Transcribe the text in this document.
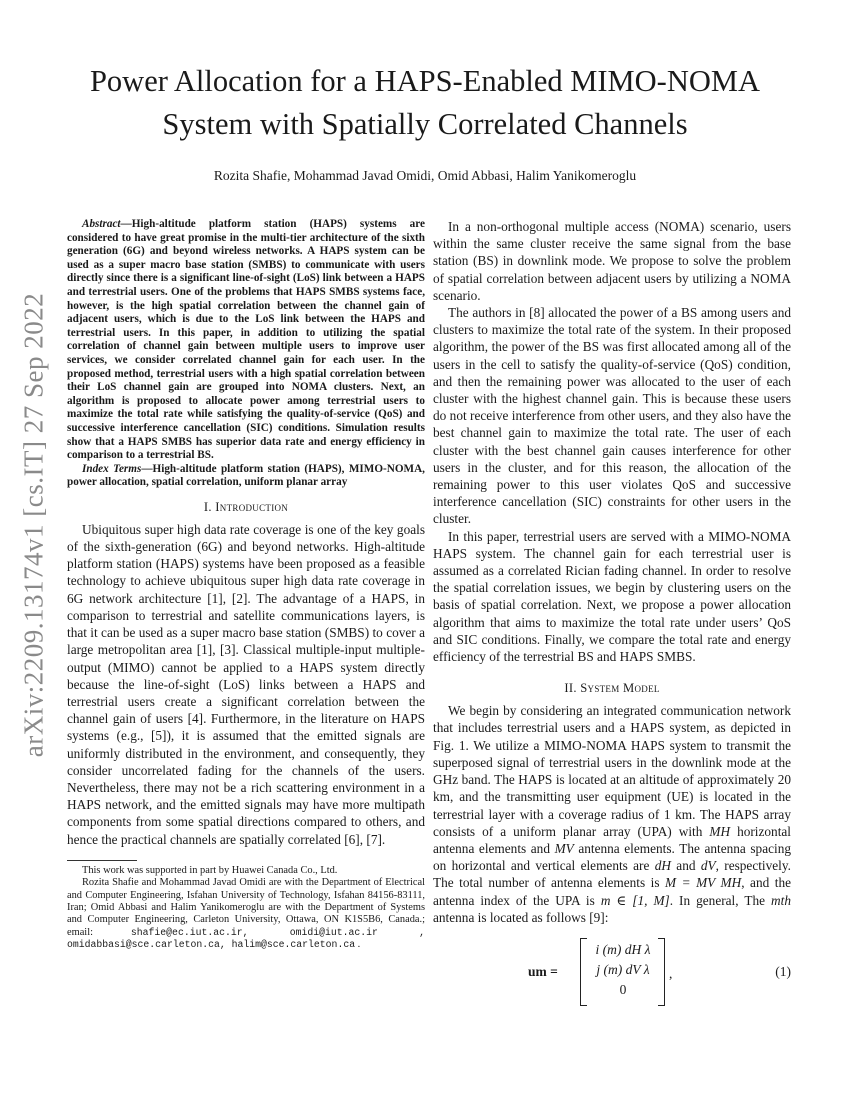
arXiv:2209.13174v1 [cs.IT] 27 Sep 2022
Power Allocation for a HAPS-Enabled MIMO-NOMA System with Spatially Correlated Channels
Rozita Shafie, Mohammad Javad Omidi, Omid Abbasi, Halim Yanikomeroglu

Abstract—High-altitude platform station (HAPS) systems are considered to have great promise in the multi-tier architecture of the sixth generation (6G) and beyond wireless networks. A HAPS system can be used as a super macro base station (SMBS) to communicate with users directly since there is a significant line-of-sight (LoS) link between a HAPS and terrestrial users. One of the problems that HAPS SMBS systems face, however, is the high spatial correlation between the channel gain of adjacent users, which is due to the LoS link between the HAPS and terrestrial users. In this paper, in addition to utilizing the spatial correlation of channel gain between multiple users to improve user services, we consider correlated channel gain for each user. In the proposed method, terrestrial users with a high spatial correlation between their LoS channel gain are grouped into NOMA clusters. Next, an algorithm is proposed to allocate power among terrestrial users to maximize the total rate while satisfying the quality-of-service (QoS) and successive interference cancellation (SIC) conditions. Simulation results show that a HAPS SMBS has superior data rate and energy efficiency in comparison to a terrestrial BS.

Index Terms—High-altitude platform station (HAPS), MIMO-NOMA, power allocation, spatial correlation, uniform planar array

I. Introduction

Ubiquitous super high data rate coverage is one of the key goals of the sixth-generation (6G) and beyond networks. High-altitude platform station (HAPS) systems have been proposed as a feasible technology to achieve ubiquitous super high data rate coverage in 6G network architecture [1], [2]. The advantage of a HAPS, in comparison to terrestrial and satellite communications layers, is that it can be used as a super macro base station (SMBS) to cover a large metropolitan area [1], [3]. Classical multiple-input multiple-output (MIMO) cannot be applied to a HAPS system directly because the line-of-sight (LoS) links between a HAPS and terrestrial users create a significant correlation between the channel gain of users [4]. Furthermore, in the literature on HAPS systems (e.g., [5]), it is assumed that the emitted signals are uniformly distributed in the environment, and consequently, they consider uncorrelated fading for the channels of the users. Nevertheless, there may not be a rich scattering environment in a HAPS network, and the emitted signals may have more multipath components from some spatial directions compared to others, and hence the practical channels are spatially correlated [6], [7].

This work was supported in part by Huawei Canada Co., Ltd.

Rozita Shafie and Mohammad Javad Omidi are with the Department of Electrical and Computer Engineering, Isfahan University of Technology, Isfahan 84156-83111, Iran; Omid Abbasi and Halim Yanikomeroglu are with the Department of Systems and Computer Engineering, Carleton University, Ottawa, ON K1S5B6, Canada.; email: shafie@ec.iut.ac.ir, omidi@iut.ac.ir , omidabbasi@sce.carleton.ca, halim@sce.carleton.ca .

In a non-orthogonal multiple access (NOMA) scenario, users within the same cluster receive the same signal from the base station (BS) in downlink mode. We propose to solve the problem of spatial correlation between adjacent users by utilizing a NOMA scenario.

The authors in [8] allocated the power of a BS among users and clusters to maximize the total rate of the system. In their proposed algorithm, the power of the BS was first allocated among all of the users in the cell to satisfy the quality-of-service (QoS) condition, and then the remaining power was allocated to the user of each cluster with the highest channel gain. This is because these users do not receive interference from other users, and they also have the best channel gain to maximize the total rate. The user of each cluster with the best channel gain causes interference for other users in the cluster, and for this reason, the allocation of the remaining power to this user violates QoS and successive interference cancellation (SIC) constraints for other users in the cluster.

In this paper, terrestrial users are served with a MIMO-NOMA HAPS system. The channel gain for each terrestrial user is assumed as a correlated Rician fading channel. In order to resolve the spatial correlation issues, we begin by clustering users on the basis of spatial correlation. Next, we propose a power allocation algorithm that aims to maximize the total rate under users’ QoS and SIC conditions. Finally, we compare the total rate and energy efficiency of the terrestrial BS and HAPS SMBS.

II. System Model

We begin by considering an integrated communication network that includes terrestrial users and a HAPS system, as depicted in Fig. 1. We utilize a MIMO-NOMA HAPS system to transmit the superposed signal of terrestrial users in the downlink mode at the GHz band. The HAPS is located at an altitude of approximately 20 km, and the transmitting user equipment (UE) is located in the terrestrial layer with a coverage radius of 1 km. The HAPS array consists of a uniform planar array (UPA) with MH horizontal antenna elements and MV antenna elements. The antenna spacing on horizontal and vertical elements are dH and dV, respectively. The total number of antenna elements is M = MV MH, and the antenna index of the UPA is m ∈ [1, M]. In general, The mth antenna is located as follows [9]:

um =
i (m) dH λ
j (m) dV λ
0
,	(1)
